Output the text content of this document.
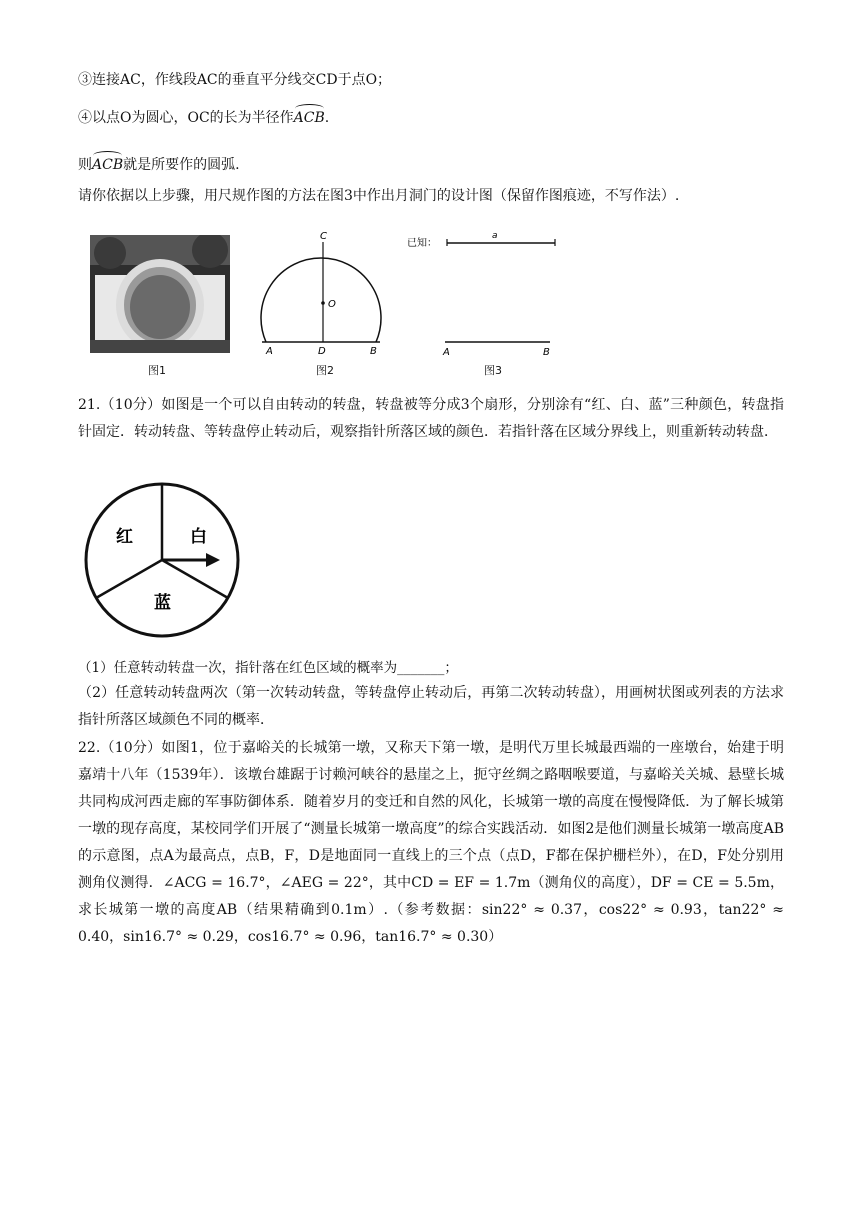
③连接AC，作线段AC的垂直平分线交CD于点O；
④以点O为圆心，OC的长为半径作ACB.
则ACB就是所要作的圆弧.
请你依据以上步骤，用尺规作图的方法在图3中作出月洞门的设计图（保留作图痕迹，不写作法）.
图1
C
O
A	D	B
图2
已知：
a
A	B
图3
21.（10分）如图是一个可以自由转动的转盘，转盘被等分成3个扇形，分别涂有“红、白、蓝”三种颜色，转盘指针固定．转动转盘、等转盘停止转动后，观察指针所落区域的颜色．若指针落在区域分界线上，则重新转动转盘．
红	白
蓝
（1）任意转动转盘一次，指针落在红色区域的概率为_______；
（2）任意转动转盘两次（第一次转动转盘，等转盘停止转动后，再第二次转动转盘），用画树状图或列表的方法求指针所落区域颜色不同的概率．
22.（10分）如图1，位于嘉峪关的长城第一墩，又称天下第一墩，是明代万里长城最西端的一座墩台，始建于明嘉靖十八年（1539年）．该墩台雄踞于讨赖河峡谷的悬崖之上，扼守丝绸之路咽喉要道，与嘉峪关关城、悬壁长城共同构成河西走廊的军事防御体系．随着岁月的变迁和自然的风化，长城第一墩的高度在慢慢降低．为了解长城第一墩的现存高度，某校同学们开展了“测量长城第一墩高度”的综合实践活动．如图2是他们测量长城第一墩高度AB的示意图，点A为最高点，点B，F，D是地面同一直线上的三个点（点D，F都在保护栅栏外），在D，F处分别用测角仪测得．∠ACG = 16.7°，∠AEG = 22°，其中CD = EF = 1.7m（测角仪的高度），DF = CE = 5.5m，求长城第一墩的高度AB（结果精确到0.1m）.（参考数据：sin22° ≈ 0.37，cos22° ≈ 0.93，tan22° ≈ 0.40，sin16.7° ≈ 0.29，cos16.7° ≈ 0.96，tan16.7° ≈ 0.30）
